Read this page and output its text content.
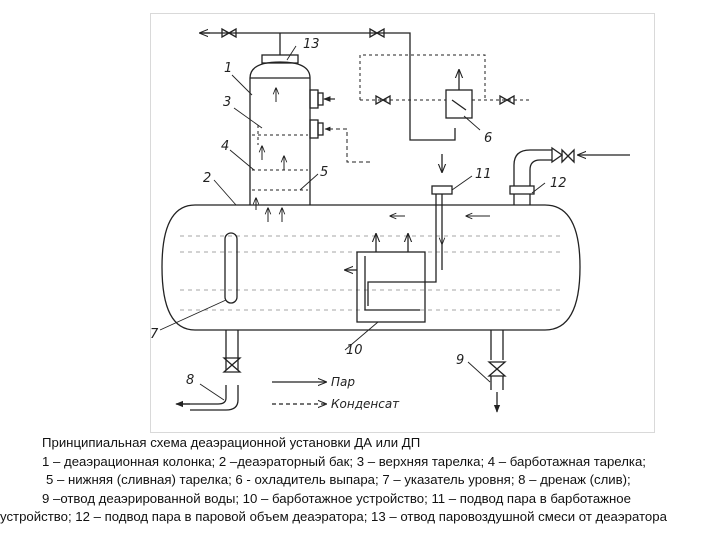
1
3
4
2	5
13
6
11
12
7
10
8
9
Пар
Конденсат

Принципиальная схема деаэрационной установки ДА или ДП

1 – деаэрационная колонка; 2 –деаэраторный бак; 3 – верхняя тарелка; 4 – барботажная тарелка;

5 – нижняя (сливная) тарелка; 6 - охладитель выпара; 7 – указатель уровня; 8 – дренаж (слив);

9 –отвод деаэрированной воды; 10 – барботажное устройство; 11 – подвод пара в барботажное

устройство; 12 – подвод пара в паровой объем деаэратора; 13 – отвод паровоздушной смеси от деаэратора
